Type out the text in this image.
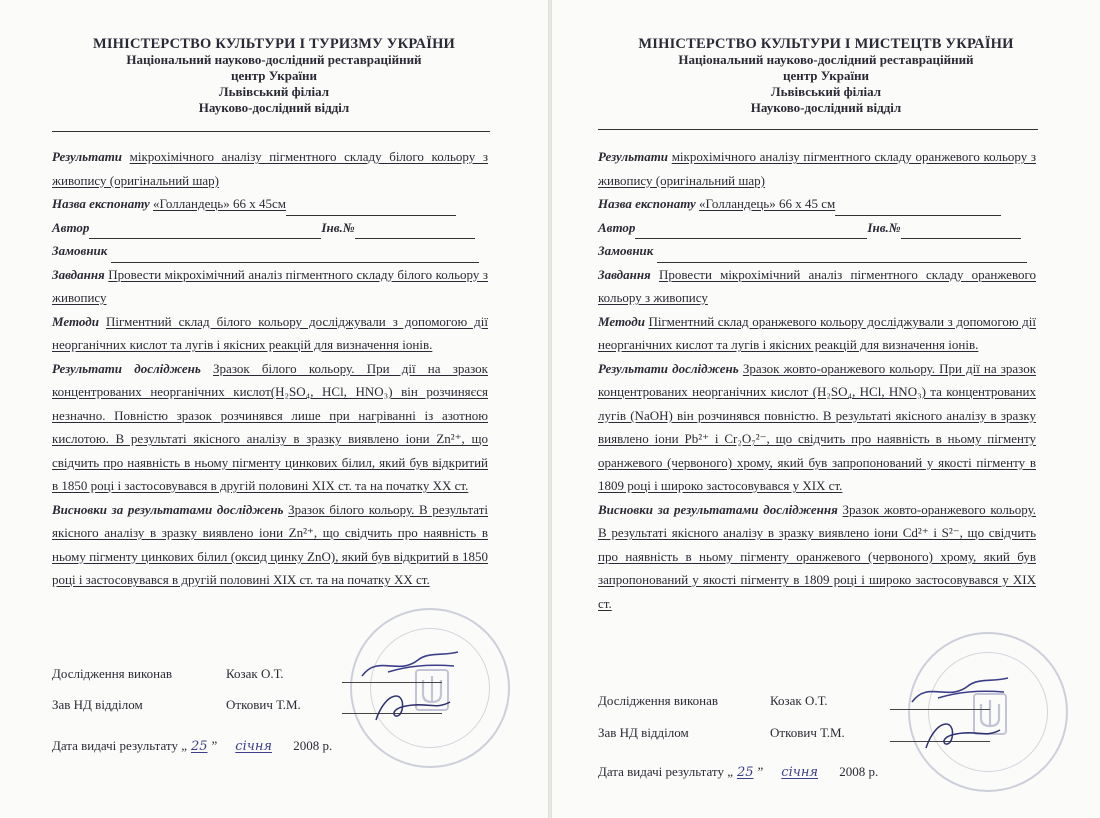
МІНІСТЕРСТВО КУЛЬТУРИ І ТУРИЗМУ УКРАЇНИ
Національний науково-дослідний реставраційний
центр України
Львівський філіал
Науково-дослідний відділ

Результати мікрохімічного аналізу пігментного складу білого кольору з живопису (оригінальний шар)

Назва експонату «Голландець» 66 х 45см

Автор	Інв.№

Замовник

Завдання Провести мікрохімічний аналіз пігментного складу білого кольору з живопису

Методи Пігментний склад білого кольору досліджували з допомогою дії неорганічних кислот та лугів і якісних реакцій для визначення іонів.

Результати досліджень Зразок білого кольору. При дії на зразок концентрованих неорганічних кислот(H₂SO₄, HCl, HNO₃) він розчиняєся незначно. Повністю зразок розчинявся лише при нагріванні із азотною кислотою. В результаті якісного аналізу в зразку виявлено іони Zn²⁺, що свідчить про наявність в ньому пігменту цинкових білил, який був відкритий в 1850 році і застосовувався в другій половині XIX ст. та на початку XX ст.

Висновки за результатами досліджень Зразок білого кольору. В результаті якісного аналізу в зразку виявлено іони Zn²⁺, що свідчить про наявність в ньому пігменту цинкових білил (оксид цинку ZnO), який був відкритий в 1850 році і застосовувався в другій половині XIX ст. та на початку XX ст.

Дослідження виконав	Козак О.Т.
Зав НД відділом	Откович Т.М.
Дата видачі результату „ 25 ” січня 2008 р.
МІНІСТЕРСТВО КУЛЬТУРИ І МИСТЕЦТВ УКРАЇНИ
Національний науково-дослідний реставраційний
центр України
Львівський філіал
Науково-дослідний відділ

Результати мікрохімічного аналізу пігментного складу оранжевого кольору з живопису (оригінальний шар)

Назва експонату «Голландець» 66 х 45 см

Автор	Інв.№

Замовник

Завдання Провести мікрохімічний аналіз пігментного складу оранжевого кольору з живопису

Методи Пігментний склад оранжевого кольору досліджували з допомогою дії неорганічних кислот та лугів і якісних реакцій для визначення іонів.

Результати досліджень Зразок жовто-оранжевого кольору. При дії на зразок концентрованих неорганічних кислот (H₂SO₄, HCl, HNO₃) та концентрованих лугів (NaOH) він розчинявся повністю. В результаті якісного аналізу в зразку виявлено іони Pb²⁺ і Cr₂O₇²⁻, що свідчить про наявність в ньому пігменту оранжевого (червоного) хрому, який був запропонований у якості пігменту в 1809 році і широко застосовувався у XIX ст.

Висновки за результатами дослідження Зразок жовто-оранжевого кольору. В результаті якісного аналізу в зразку виявлено іони Cd²⁺ і S²⁻, що свідчить про наявність в ньому пігменту оранжевого (червоного) хрому, який був запропонований у якості пігменту в 1809 році і широко застосовувався у XIX ст.

Дослідження виконав	Козак О.Т.
Зав НД відділом	Откович Т.М.
Дата видачі результату „ 25 ” січня 2008 р.
